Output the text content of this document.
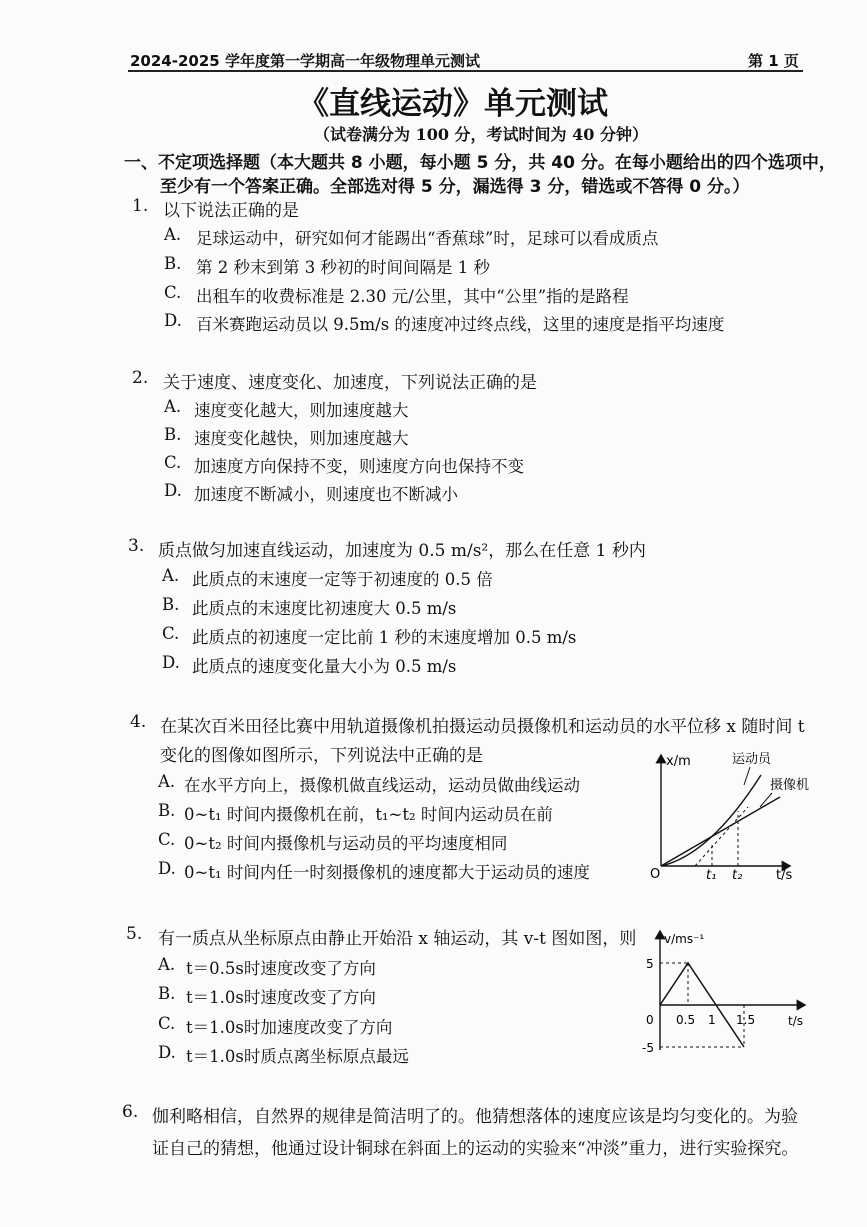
2024-2025 学年度第一学期高一年级物理单元测试	第 1 页
《直线运动》单元测试
（试卷满分为 100 分，考试时间为 40 分钟）
一、不定项选择题（本大题共 8 小题，每小题 5 分，共 40 分。在每小题给出的四个选项中，
至少有一个答案正确。全部选对得 5 分，漏选得 3 分，错选或不答得 0 分。）
1. 以下说法正确的是
A. 足球运动中，研究如何才能踢出“香蕉球”时，足球可以看成质点
B. 第 2 秒末到第 3 秒初的时间间隔是 1 秒
C. 出租车的收费标准是 2.30 元/公里，其中“公里”指的是路程
D. 百米赛跑运动员以 9.5m/s 的速度冲过终点线，这里的速度是指平均速度
2. 关于速度、速度变化、加速度，下列说法正确的是
A. 速度变化越大，则加速度越大
B. 速度变化越快，则加速度越大
C. 加速度方向保持不变，则速度方向也保持不变
D. 加速度不断减小，则速度也不断减小
3. 质点做匀加速直线运动，加速度为 0.5 m/s²，那么在任意 1 秒内
A. 此质点的末速度一定等于初速度的 0.5 倍
B. 此质点的末速度比初速度大 0.5 m/s
C. 此质点的初速度一定比前 1 秒的末速度增加 0.5 m/s
D. 此质点的速度变化量大小为 0.5 m/s
4. 在某次百米田径比赛中用轨道摄像机拍摄运动员摄像机和运动员的水平位移 x 随时间 t
变化的图像如图所示，下列说法中正确的是
A. 在水平方向上，摄像机做直线运动，运动员做曲线运动
B. 0~t₁ 时间内摄像机在前，t₁~t₂ 时间内运动员在前
C. 0~t₂ 时间内摄像机与运动员的平均速度相同
D. 0~t₁ 时间内任一时刻摄像机的速度都大于运动员的速度
x/m
t/s
O
运动员
摄像机
t₁ t₂
5. 有一质点从坐标原点由静止开始沿 x 轴运动，其 v-t 图如图，则
A. t＝0.5s时速度改变了方向
B. t＝1.0s时速度改变了方向
C. t＝1.0s时加速度改变了方向
D. t＝1.0s时质点离坐标原点最远
v/ms⁻¹
t/s
5
-5
0 0.5 1 1.5
6. 伽利略相信，自然界的规律是简洁明了的。他猜想落体的速度应该是均匀变化的。为验
证自己的猜想，他通过设计铜球在斜面上的运动的实验来“冲淡”重力，进行实验探究。
